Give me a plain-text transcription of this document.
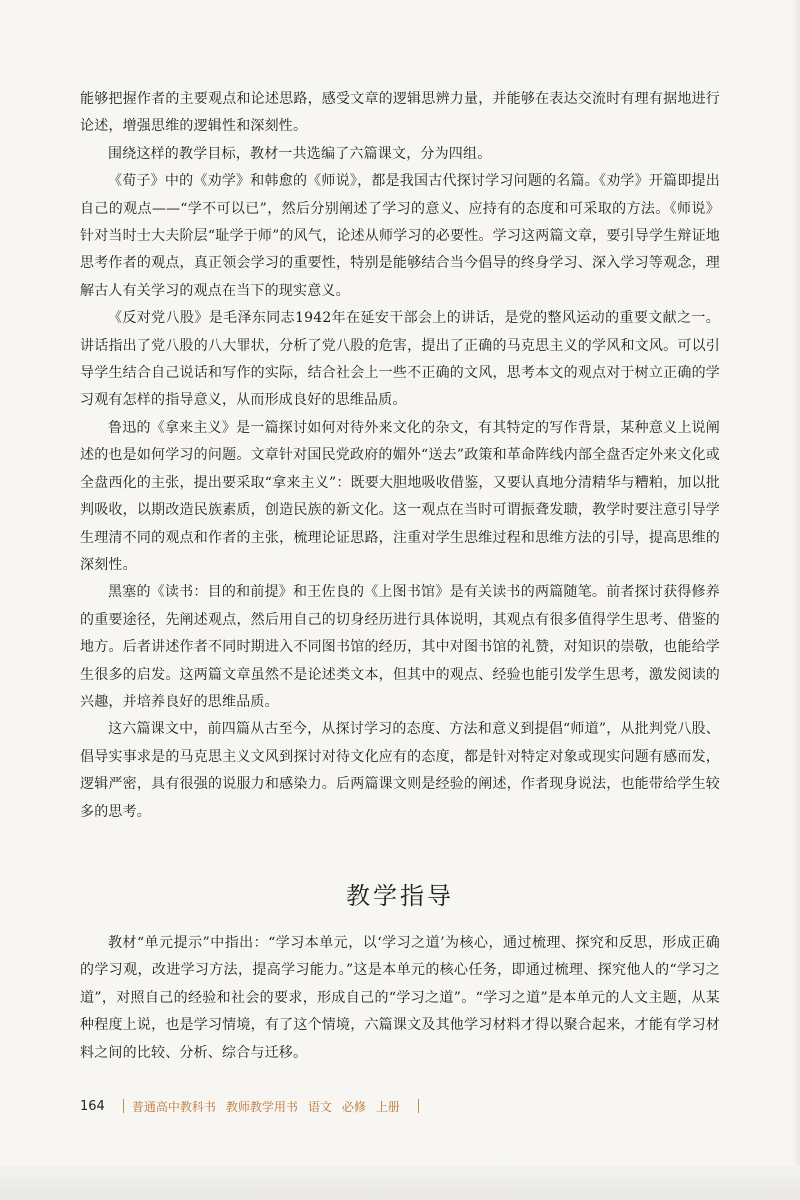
能够把握作者的主要观点和论述思路，感受文章的逻辑思辨力量，并能够在表达交流时有理有据地进行论述，增强思维的逻辑性和深刻性。

围绕这样的教学目标，教材一共选编了六篇课文，分为四组。

《荀子》中的《劝学》和韩愈的《师说》，都是我国古代探讨学习问题的名篇。《劝学》开篇即提出自己的观点——“学不可以已”，然后分别阐述了学习的意义、应持有的态度和可采取的方法。《师说》针对当时士大夫阶层“耻学于师”的风气，论述从师学习的必要性。学习这两篇文章，要引导学生辩证地思考作者的观点，真正领会学习的重要性，特别是能够结合当今倡导的终身学习、深入学习等观念，理解古人有关学习的观点在当下的现实意义。

《反对党八股》是毛泽东同志1942年在延安干部会上的讲话，是党的整风运动的重要文献之一。讲话指出了党八股的八大罪状，分析了党八股的危害，提出了正确的马克思主义的学风和文风。可以引导学生结合自己说话和写作的实际，结合社会上一些不正确的文风，思考本文的观点对于树立正确的学习观有怎样的指导意义，从而形成良好的思维品质。

鲁迅的《拿来主义》是一篇探讨如何对待外来文化的杂文，有其特定的写作背景，某种意义上说阐述的也是如何学习的问题。文章针对国民党政府的媚外“送去”政策和革命阵线内部全盘否定外来文化或全盘西化的主张，提出要采取“拿来主义”：既要大胆地吸收借鉴，又要认真地分清精华与糟粕，加以批判吸收，以期改造民族素质，创造民族的新文化。这一观点在当时可谓振聋发聩，教学时要注意引导学生理清不同的观点和作者的主张，梳理论证思路，注重对学生思维过程和思维方法的引导，提高思维的深刻性。

黑塞的《读书：目的和前提》和王佐良的《上图书馆》是有关读书的两篇随笔。前者探讨获得修养的重要途径，先阐述观点，然后用自己的切身经历进行具体说明，其观点有很多值得学生思考、借鉴的地方。后者讲述作者不同时期进入不同图书馆的经历，其中对图书馆的礼赞，对知识的崇敬，也能给学生很多的启发。这两篇文章虽然不是论述类文本，但其中的观点、经验也能引发学生思考，激发阅读的兴趣，并培养良好的思维品质。

这六篇课文中，前四篇从古至今，从探讨学习的态度、方法和意义到提倡“师道”，从批判党八股、倡导实事求是的马克思主义文风到探讨对待文化应有的态度，都是针对特定对象或现实问题有感而发，逻辑严密，具有很强的说服力和感染力。后两篇课文则是经验的阐述，作者现身说法，也能带给学生较多的思考。

教学指导

教材“单元提示”中指出：“学习本单元，以‘学习之道’为核心，通过梳理、探究和反思，形成正确的学习观，改进学习方法，提高学习能力。”这是本单元的核心任务，即通过梳理、探究他人的“学习之道”，对照自己的经验和社会的要求，形成自己的“学习之道”。“学习之道”是本单元的人文主题，从某种程度上说，也是学习情境，有了这个情境，六篇课文及其他学习材料才得以聚合起来，才能有学习材料之间的比较、分析、综合与迁移。

164 普通高中教科书 教师教学用书 语文 必修 上册
